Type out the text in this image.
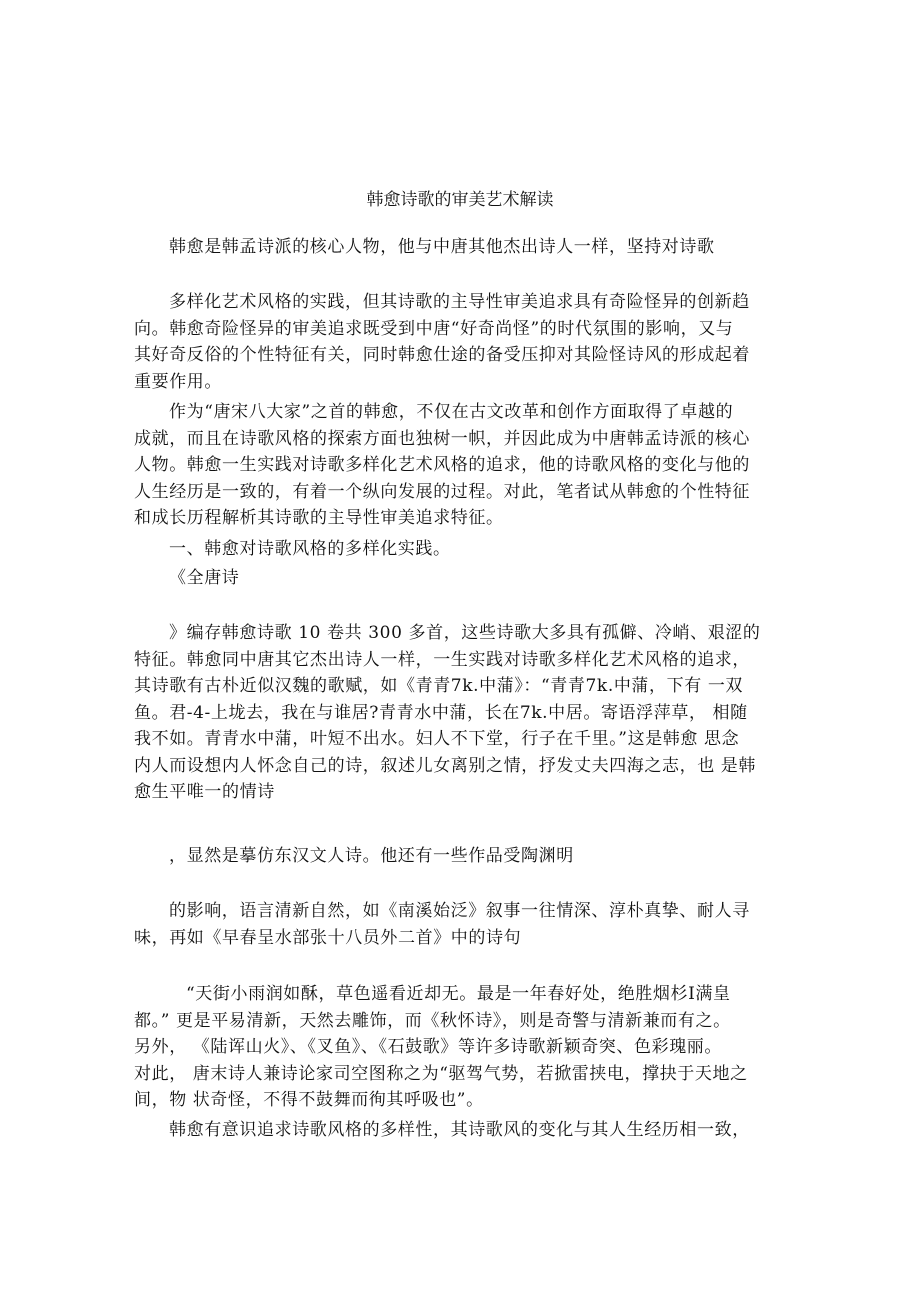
韩愈诗歌的审美艺术解读
韩愈是韩孟诗派的核心人物，他与中唐其他杰出诗人一样，坚持对诗歌
多样化艺术风格的实践，但其诗歌的主导性审美追求具有奇险怪异的创新趋
向。韩愈奇险怪异的审美追求既受到中唐“好奇尚怪”的时代氛围的影响，又与
其好奇反俗的个性特征有关，同时韩愈仕途的备受压抑对其险怪诗风的形成起着
重要作用。
作为“唐宋八大家”之首的韩愈，不仅在古文改革和创作方面取得了卓越的
成就，而且在诗歌风格的探索方面也独树一帜，并因此成为中唐韩孟诗派的核心
人物。韩愈一生实践对诗歌多样化艺术风格的追求，他的诗歌风格的变化与他的
人生经历是一致的，有着一个纵向发展的过程。对此，笔者试从韩愈的个性特征
和成长历程解析其诗歌的主导性审美追求特征。
一、韩愈对诗歌风格的多样化实践。
《全唐诗
》编存韩愈诗歌 10 卷共 300 多首，这些诗歌大多具有孤僻、冷峭、艰涩的
特征。韩愈同中唐其它杰出诗人一样，一生实践对诗歌多样化艺术风格的追求，
其诗歌有古朴近似汉魏的歌赋，如《青青7k.中蒲》：“青青7k.中蒲，下有 一双
鱼。君-4-上垅去，我在与谁居?青青水中蒲，长在7k.中居。寄语浮萍草， 相随
我不如。青青水中蒲，叶短不出水。妇人不下堂，行子在千里。”这是韩愈 思念
内人而设想内人怀念自己的诗，叙述儿女离别之情，抒发丈夫四海之志，也 是韩
愈生平唯一的情诗
，显然是摹仿东汉文人诗。他还有一些作品受陶渊明
的影响，语言清新自然，如《南溪始泛》叙事一往情深、淳朴真挚、耐人寻
味，再如《早春呈水部张十八员外二首》中的诗句
“天街小雨润如酥，草色遥看近却无。最是一年春好处，绝胜烟杉I满皇
都。” 更是平易清新，天然去雕饰，而《秋怀诗》，则是奇警与清新兼而有之。
另外， 《陆诨山火》、《叉鱼》、《石鼓歌》等许多诗歌新颖奇突、色彩瑰丽。
对此， 唐末诗人兼诗论家司空图称之为“驱驾气势，若掀雷挟电，撑抉于天地之
间，物 状奇怪，不得不鼓舞而徇其呼吸也”。
韩愈有意识追求诗歌风格的多样性，其诗歌风的变化与其人生经历相一致，
